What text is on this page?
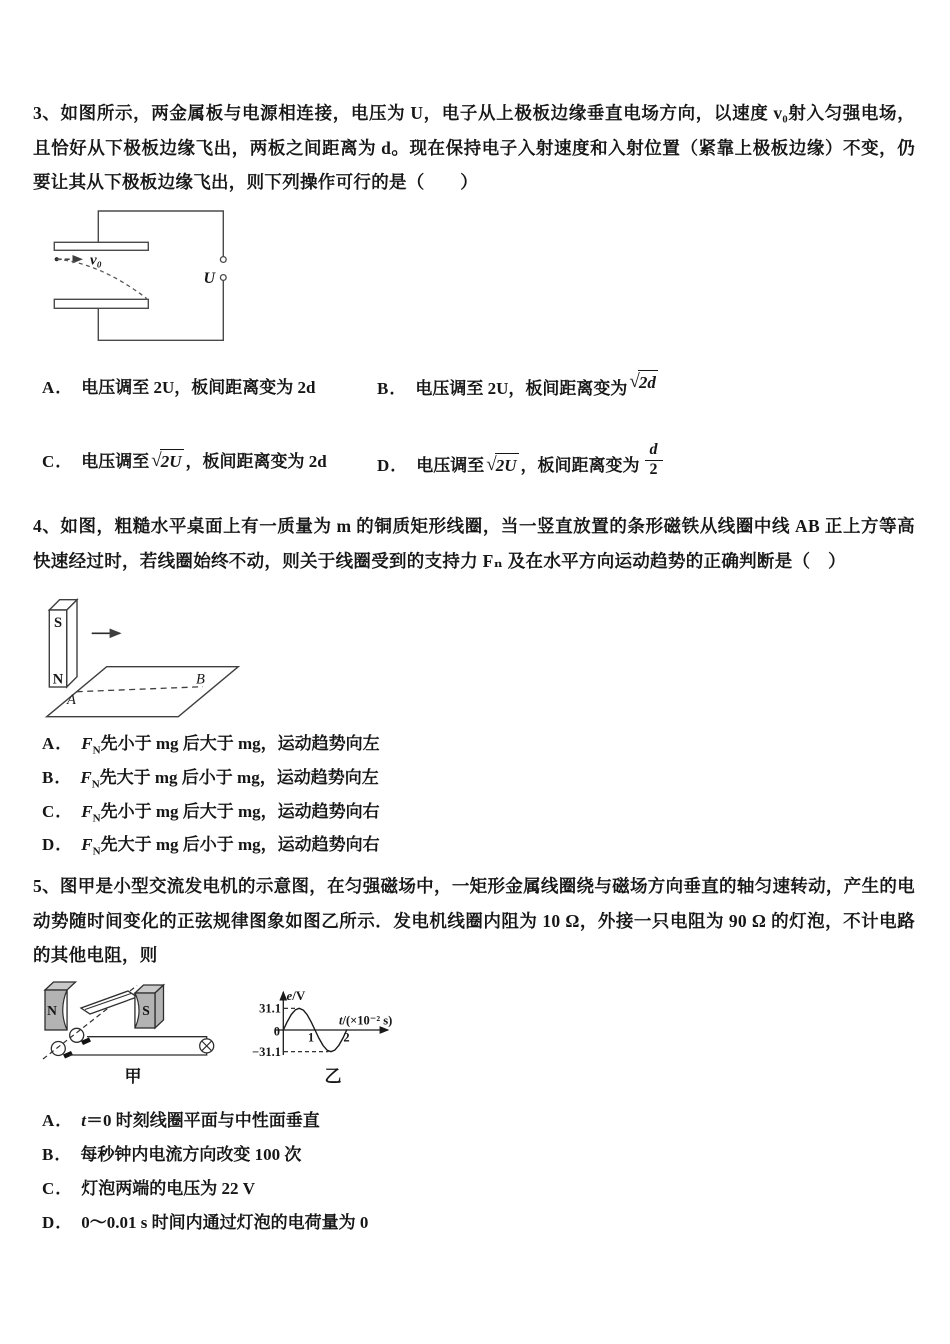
3、如图所示，两金属板与电源相连接，电压为 U，电子从上极板边缘垂直电场方向，以速度 v₀射入匀强电场，且恰好从下极板边缘飞出，两板之间距离为 d。现在保持电子入射速度和入射位置（紧靠上极板边缘）不变，仍要让其从下极板边缘飞出，则下列操作可行的是（　　）

U
v₀
A． 电压调至 2U，板间距离变为 2d	B． 电压调至 2U，板间距离变为 √2d
C． 电压调至 √2U ，板间距离变为 2d	D． 电压调至 √2U ，板间距离变为 $\frac{d}{2}$

4、如图，粗糙水平桌面上有一质量为 m 的铜质矩形线圈，当一竖直放置的条形磁铁从线圈中线 AB 正上方等高快速经过时，若线圈始终不动，则关于线圈受到的支持力 Fₙ 及在水平方向运动趋势的正确判断是（　）

A
B
S
N
A． $F_N$先小于 mg 后大于 mg，运动趋势向左
B． $F_N$先大于 mg 后小于 mg，运动趋势向左
C． $F_N$先小于 mg 后大于 mg，运动趋势向右
D． $F_N$先大于 mg 后小于 mg，运动趋势向右

5、图甲是小型交流发电机的示意图，在匀强磁场中，一矩形金属线圈绕与磁场方向垂直的轴匀速转动，产生的电动势随时间变化的正弦规律图象如图乙所示．发电机线圈内阻为 10 Ω，外接一只电阻为 90 Ω 的灯泡，不计电路的其他电阻，则

N	S
甲
e/V
t/(×10⁻² s)
31.1
0
−31.1
1 2
乙
A． t＝0 时刻线圈平面与中性面垂直
B． 每秒钟内电流方向改变 100 次
C． 灯泡两端的电压为 22 V
D． 0～0.01 s 时间内通过灯泡的电荷量为 0
